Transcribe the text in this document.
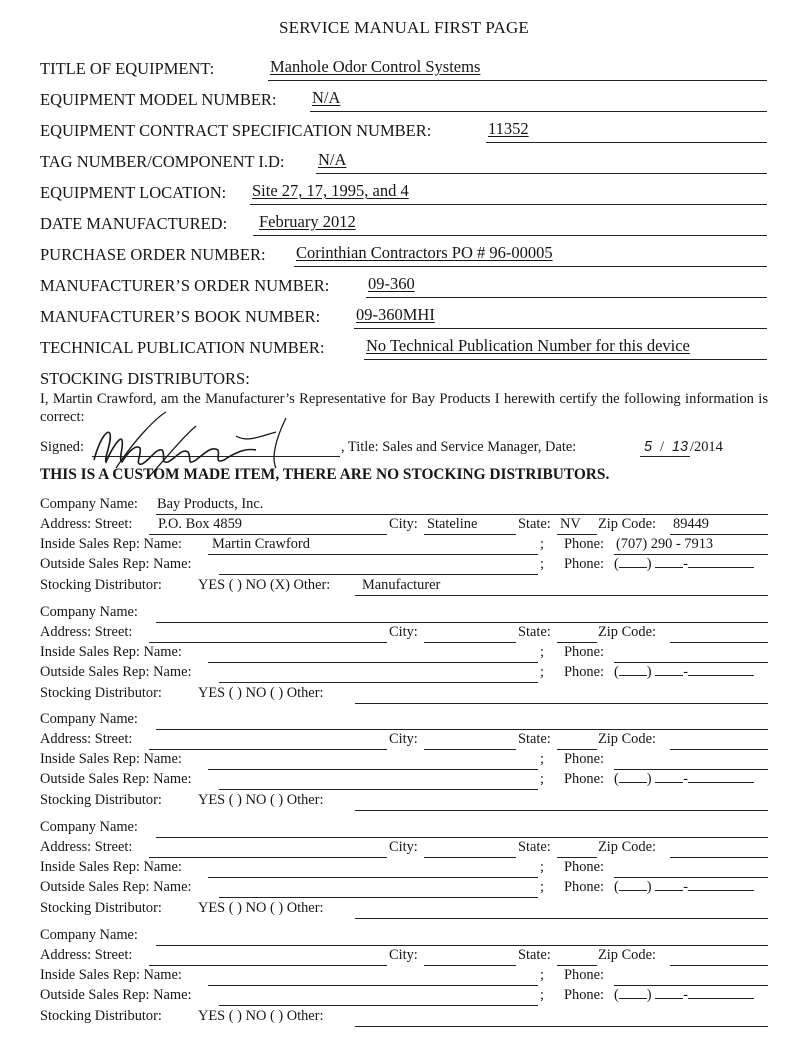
SERVICE MANUAL FIRST PAGE
TITLE OF EQUIPMENT:	Manhole Odor Control Systems
EQUIPMENT MODEL NUMBER: N/A
EQUIPMENT CONTRACT SPECIFICATION NUMBER:	11352
TAG NUMBER/COMPONENT I.D: N/A
EQUIPMENT LOCATION: Site 27, 17, 1995, and 4
DATE MANUFACTURED: February 2012
PURCHASE ORDER NUMBER: Corinthian Contractors PO # 96-00005
MANUFACTURER’S ORDER NUMBER: 09-360
MANUFACTURER’S BOOK NUMBER: 09-360MHI
TECHNICAL PUBLICATION NUMBER:	No Technical Publication Number for this device
STOCKING DISTRIBUTORS:
I, Martin Crawford, am the Manufacturer’s Representative for Bay Products I herewith certify the following information is correct:
Signed:
M Crawford
, Title: Sales and Service Manager, Date:	5 / 13 /2014
THIS IS A CUSTOM MADE ITEM, THERE ARE NO STOCKING DISTRIBUTORS.
Company Name: Bay Products, Inc.
Address: Street: P.O. Box 4859	City: Stateline	State: NV Zip Code: 89449
Inside Sales Rep: Name: Martin Crawford	; Phone: (707) 290 - 7913
Outside Sales Rep: Name:	; Phone: ( ) -
Stocking Distributor:	YES ( ) NO (X) Other: Manufacturer
Company Name:
Address: Street:	City:	State:	Zip Code:
Inside Sales Rep: Name:	; Phone:
Outside Sales Rep: Name:	; Phone: ( ) -
Stocking Distributor:	YES ( ) NO ( ) Other:
Company Name:
Address: Street:	City:	State:	Zip Code:
Inside Sales Rep: Name:	; Phone:
Outside Sales Rep: Name:	; Phone: ( ) -
Stocking Distributor:	YES ( ) NO ( ) Other:
Company Name:
Address: Street:	City:	State:	Zip Code:
Inside Sales Rep: Name:	; Phone:
Outside Sales Rep: Name:	; Phone: ( ) -
Stocking Distributor:	YES ( ) NO ( ) Other:
Company Name:
Address: Street:	City:	State:	Zip Code:
Inside Sales Rep: Name:	; Phone:
Outside Sales Rep: Name:	; Phone: ( ) -
Stocking Distributor:	YES ( ) NO ( ) Other:
